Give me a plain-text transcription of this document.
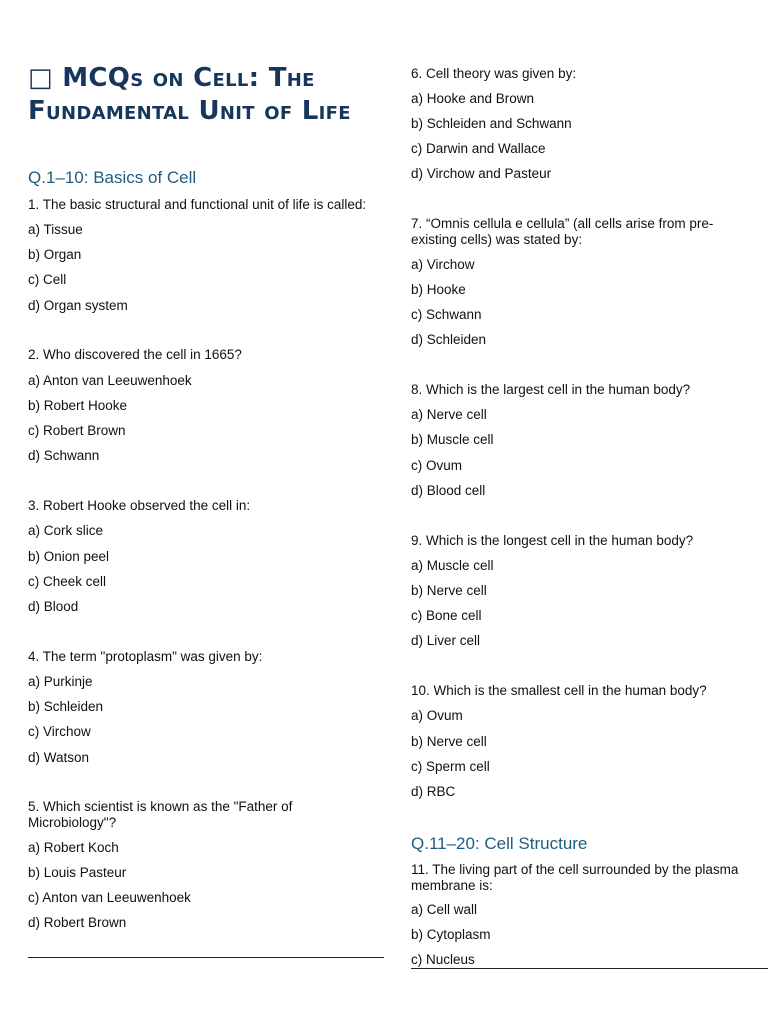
□ MCQs on Cell: The Fundamental Unit of Life
Q.1–10: Basics of Cell
1. The basic structural and functional unit of life is called:
a) Tissue
b) Organ
c) Cell
d) Organ system
2. Who discovered the cell in 1665?
a) Anton van Leeuwenhoek
b) Robert Hooke
c) Robert Brown
d) Schwann
3. Robert Hooke observed the cell in:
a) Cork slice
b) Onion peel
c) Cheek cell
d) Blood
4. The term "protoplasm" was given by:
a) Purkinje
b) Schleiden
c) Virchow
d) Watson
5. Which scientist is known as the "Father of Microbiology"?
a) Robert Koch
b) Louis Pasteur
c) Anton van Leeuwenhoek
d) Robert Brown
6. Cell theory was given by:
a) Hooke and Brown
b) Schleiden and Schwann
c) Darwin and Wallace
d) Virchow and Pasteur
7. “Omnis cellula e cellula” (all cells arise from pre-existing cells) was stated by:
a) Virchow
b) Hooke
c) Schwann
d) Schleiden
8. Which is the largest cell in the human body?
a) Nerve cell
b) Muscle cell
c) Ovum
d) Blood cell
9. Which is the longest cell in the human body?
a) Muscle cell
b) Nerve cell
c) Bone cell
d) Liver cell
10. Which is the smallest cell in the human body?
a) Ovum
b) Nerve cell
c) Sperm cell
d) RBC
Q.11–20: Cell Structure
11. The living part of the cell surrounded by the plasma membrane is:
a) Cell wall
b) Cytoplasm
c) Nucleus
